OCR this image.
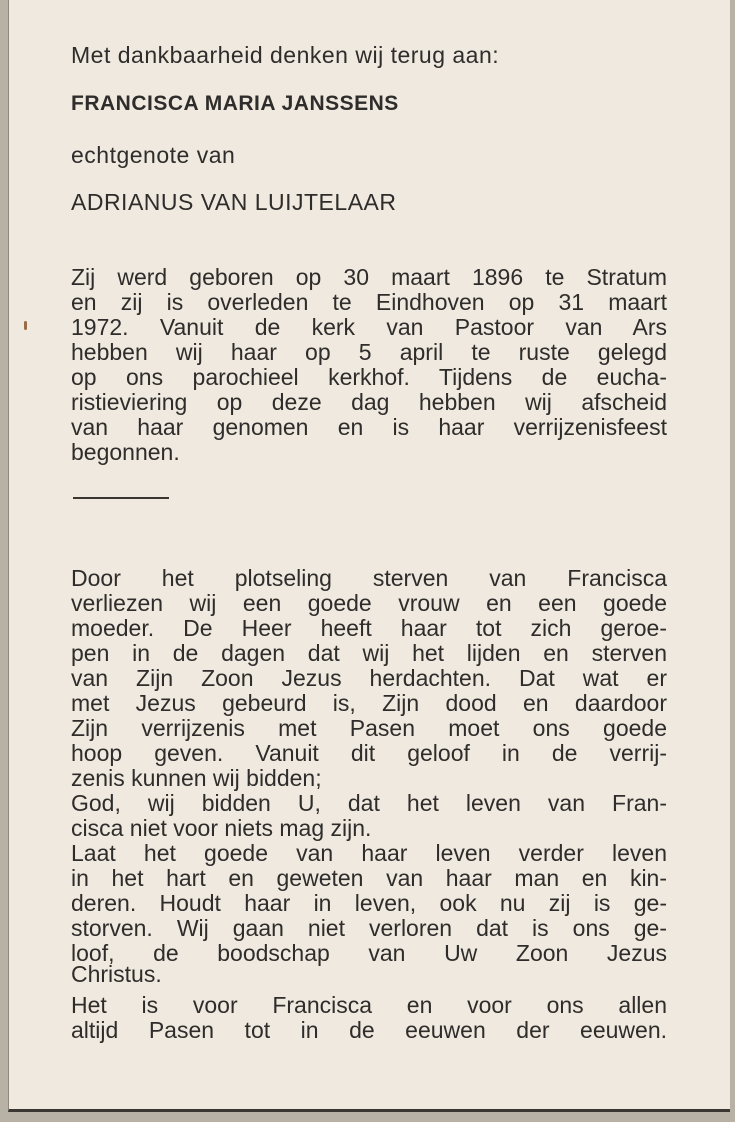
Met dankbaarheid denken wij terug aan:
FRANCISCA MARIA JANSSENS
echtgenote van
ADRIANUS VAN LUIJTELAAR
Zij werd geboren op 30 maart 1896 te Stratum
en zij is overleden te Eindhoven op 31 maart
1972. Vanuit de kerk van Pastoor van Ars
hebben wij haar op 5 april te ruste gelegd
op ons parochieel kerkhof. Tijdens de eucha-
ristieviering op deze dag hebben wij afscheid
van haar genomen en is haar verrijzenisfeest
begonnen.
Door het plotseling sterven van Francisca
verliezen wij een goede vrouw en een goede
moeder. De Heer heeft haar tot zich geroe-
pen in de dagen dat wij het lijden en sterven
van Zijn Zoon Jezus herdachten. Dat wat er
met Jezus gebeurd is, Zijn dood en daardoor
Zijn verrijzenis met Pasen moet ons goede
hoop geven. Vanuit dit geloof in de verrij-
zenis kunnen wij bidden;
God, wij bidden U, dat het leven van Fran-
cisca niet voor niets mag zijn.
Laat het goede van haar leven verder leven
in het hart en geweten van haar man en kin-
deren. Houdt haar in leven, ook nu zij is ge-
storven. Wij gaan niet verloren dat is ons ge-
loof, de boodschap van Uw Zoon Jezus
Christus.
Het is voor Francisca en voor ons allen
altijd Pasen tot in de eeuwen der eeuwen.
